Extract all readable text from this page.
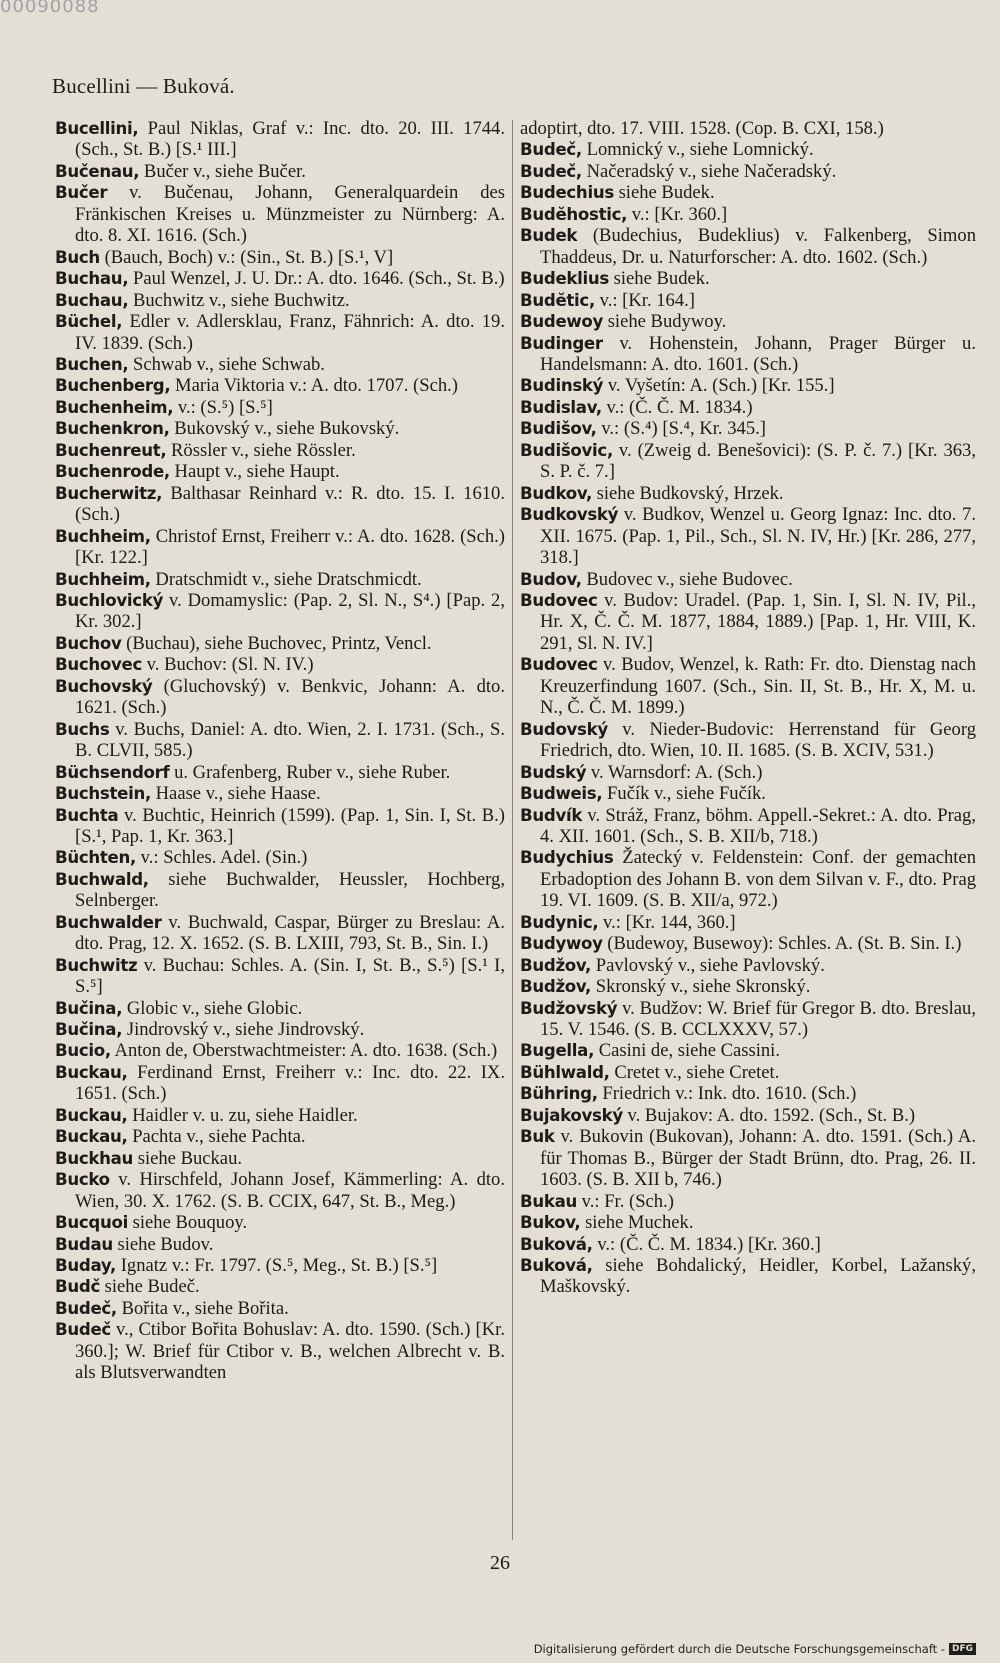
00090088
Bucellini — Buková.

Bucellini, Paul Niklas, Graf v.: Inc. dto. 20. III. 1744. (Sch., St. B.) [S.¹ III.]

Bučenau, Bučer v., siehe Bučer.

Bučer v. Bučenau, Johann, Generalquardein des Fränkischen Kreises u. Münzmeister zu Nürnberg: A. dto. 8. XI. 1616. (Sch.)

Buch (Bauch, Boch) v.: (Sin., St. B.) [S.¹, V]

Buchau, Paul Wenzel, J. U. Dr.: A. dto. 1646. (Sch., St. B.)

Buchau, Buchwitz v., siehe Buchwitz.

Büchel, Edler v. Adlersklau, Franz, Fähnrich: A. dto. 19. IV. 1839. (Sch.)

Buchen, Schwab v., siehe Schwab.

Buchenberg, Maria Viktoria v.: A. dto. 1707. (Sch.)

Buchenheim, v.: (S.⁵) [S.⁵]

Buchenkron, Bukovský v., siehe Bukovský.

Buchenreut, Rössler v., siehe Rössler.

Buchenrode, Haupt v., siehe Haupt.

Bucherwitz, Balthasar Reinhard v.: R. dto. 15. I. 1610. (Sch.)

Buchheim, Christof Ernst, Freiherr v.: A. dto. 1628. (Sch.) [Kr. 122.]

Buchheim, Dratschmidt v., siehe Dratschmicdt.

Buchlovický v. Domamyslic: (Pap. 2, Sl. N., S⁴.) [Pap. 2, Kr. 302.]

Buchov (Buchau), siehe Buchovec, Printz, Vencl.

Buchovec v. Buchov: (Sl. N. IV.)

Buchovský (Gluchovský) v. Benkvic, Johann: A. dto. 1621. (Sch.)

Buchs v. Buchs, Daniel: A. dto. Wien, 2. I. 1731. (Sch., S. B. CLVII, 585.)

Büchsendorf u. Grafenberg, Ruber v., siehe Ruber.

Buchstein, Haase v., siehe Haase.

Buchta v. Buchtic, Heinrich (1599). (Pap. 1, Sin. I, St. B.) [S.¹, Pap. 1, Kr. 363.]

Büchten, v.: Schles. Adel. (Sin.)

Buchwald, siehe Buchwalder, Heussler, Hochberg, Selnberger.

Buchwalder v. Buchwald, Caspar, Bürger zu Breslau: A. dto. Prag, 12. X. 1652. (S. B. LXIII, 793, St. B., Sin. I.)

Buchwitz v. Buchau: Schles. A. (Sin. I, St. B., S.⁵) [S.¹ I, S.⁵]

Bučina, Globic v., siehe Globic.

Bučina, Jindrovský v., siehe Jindrovský.

Bucio, Anton de, Oberstwachtmeister: A. dto. 1638. (Sch.)

Buckau, Ferdinand Ernst, Freiherr v.: Inc. dto. 22. IX. 1651. (Sch.)

Buckau, Haidler v. u. zu, siehe Haidler.

Buckau, Pachta v., siehe Pachta.

Buckhau siehe Buckau.

Bucko v. Hirschfeld, Johann Josef, Kämmerling: A. dto. Wien, 30. X. 1762. (S. B. CCIX, 647, St. B., Meg.)

Bucquoi siehe Bouquoy.

Budau siehe Budov.

Buday, Ignatz v.: Fr. 1797. (S.⁵, Meg., St. B.) [S.⁵]

Budč siehe Budeč.

Budeč, Bořita v., siehe Bořita.

Budeč v., Ctibor Bořita Bohuslav: A. dto. 1590. (Sch.) [Kr. 360.]; W. Brief für Ctibor v. B., welchen Albrecht v. B. als Blutsverwandten

adoptirt, dto. 17. VIII. 1528. (Cop. B. CXI, 158.)

Budeč, Lomnický v., siehe Lomnický.

Budeč, Načeradský v., siehe Načeradský.

Budechius siehe Budek.

Budĕhostic, v.: [Kr. 360.]

Budek (Budechius, Budeklius) v. Falkenberg, Simon Thaddeus, Dr. u. Naturforscher: A. dto. 1602. (Sch.)

Budeklius siehe Budek.

Budĕtic, v.: [Kr. 164.]

Budewoy siehe Budywoy.

Budinger v. Hohenstein, Johann, Prager Bürger u. Handelsmann: A. dto. 1601. (Sch.)

Budinský v. Vyšetín: A. (Sch.) [Kr. 155.]

Budislav, v.: (Č. Č. M. 1834.)

Budišov, v.: (S.⁴) [S.⁴, Kr. 345.]

Budišovic, v. (Zweig d. Benešovici): (S. P. č. 7.) [Kr. 363, S. P. č. 7.]

Budkov, siehe Budkovský, Hrzek.

Budkovský v. Budkov, Wenzel u. Georg Ignaz: Inc. dto. 7. XII. 1675. (Pap. 1, Pil., Sch., Sl. N. IV, Hr.) [Kr. 286, 277, 318.]

Budov, Budovec v., siehe Budovec.

Budovec v. Budov: Uradel. (Pap. 1, Sin. I, Sl. N. IV, Pil., Hr. X, Č. Č. M. 1877, 1884, 1889.) [Pap. 1, Hr. VIII, K. 291, Sl. N. IV.]

Budovec v. Budov, Wenzel, k. Rath: Fr. dto. Dienstag nach Kreuzerfindung 1607. (Sch., Sin. II, St. B., Hr. X, M. u. N., Č. Č. M. 1899.)

Budovský v. Nieder-Budovic: Herrenstand für Georg Friedrich, dto. Wien, 10. II. 1685. (S. B. XCIV, 531.)

Budský v. Warnsdorf: A. (Sch.)

Budweis, Fučík v., siehe Fučík.

Budvík v. Stráž, Franz, böhm. Appell.-Sekret.: A. dto. Prag, 4. XII. 1601. (Sch., S. B. XII/b, 718.)

Budychius Žatecký v. Feldenstein: Conf. der gemachten Erbadoption des Johann B. von dem Silvan v. F., dto. Prag 19. VI. 1609. (S. B. XII/a, 972.)

Budynic, v.: [Kr. 144, 360.]

Budywoy (Budewoy, Busewoy): Schles. A. (St. B. Sin. I.)

Budžov, Pavlovský v., siehe Pavlovský.

Budžov, Skronský v., siehe Skronský.

Budžovský v. Budžov: W. Brief für Gregor B. dto. Breslau, 15. V. 1546. (S. B. CCLXXXV, 57.)

Bugella, Casini de, siehe Cassini.

Bühlwald, Cretet v., siehe Cretet.

Bühring, Friedrich v.: Ink. dto. 1610. (Sch.)

Bujakovský v. Bujakov: A. dto. 1592. (Sch., St. B.)

Buk v. Bukovin (Bukovan), Johann: A. dto. 1591. (Sch.) A. für Thomas B., Bürger der Stadt Brünn, dto. Prag, 26. II. 1603. (S. B. XII b, 746.)

Bukau v.: Fr. (Sch.)

Bukov, siehe Muchek.

Buková, v.: (Č. Č. M. 1834.) [Kr. 360.]

Buková, siehe Bohdalický, Heidler, Korbel, Lažanský, Maškovský.

26
Digitalisierung gefördert durch die Deutsche Forschungsgemeinschaft - DFG
